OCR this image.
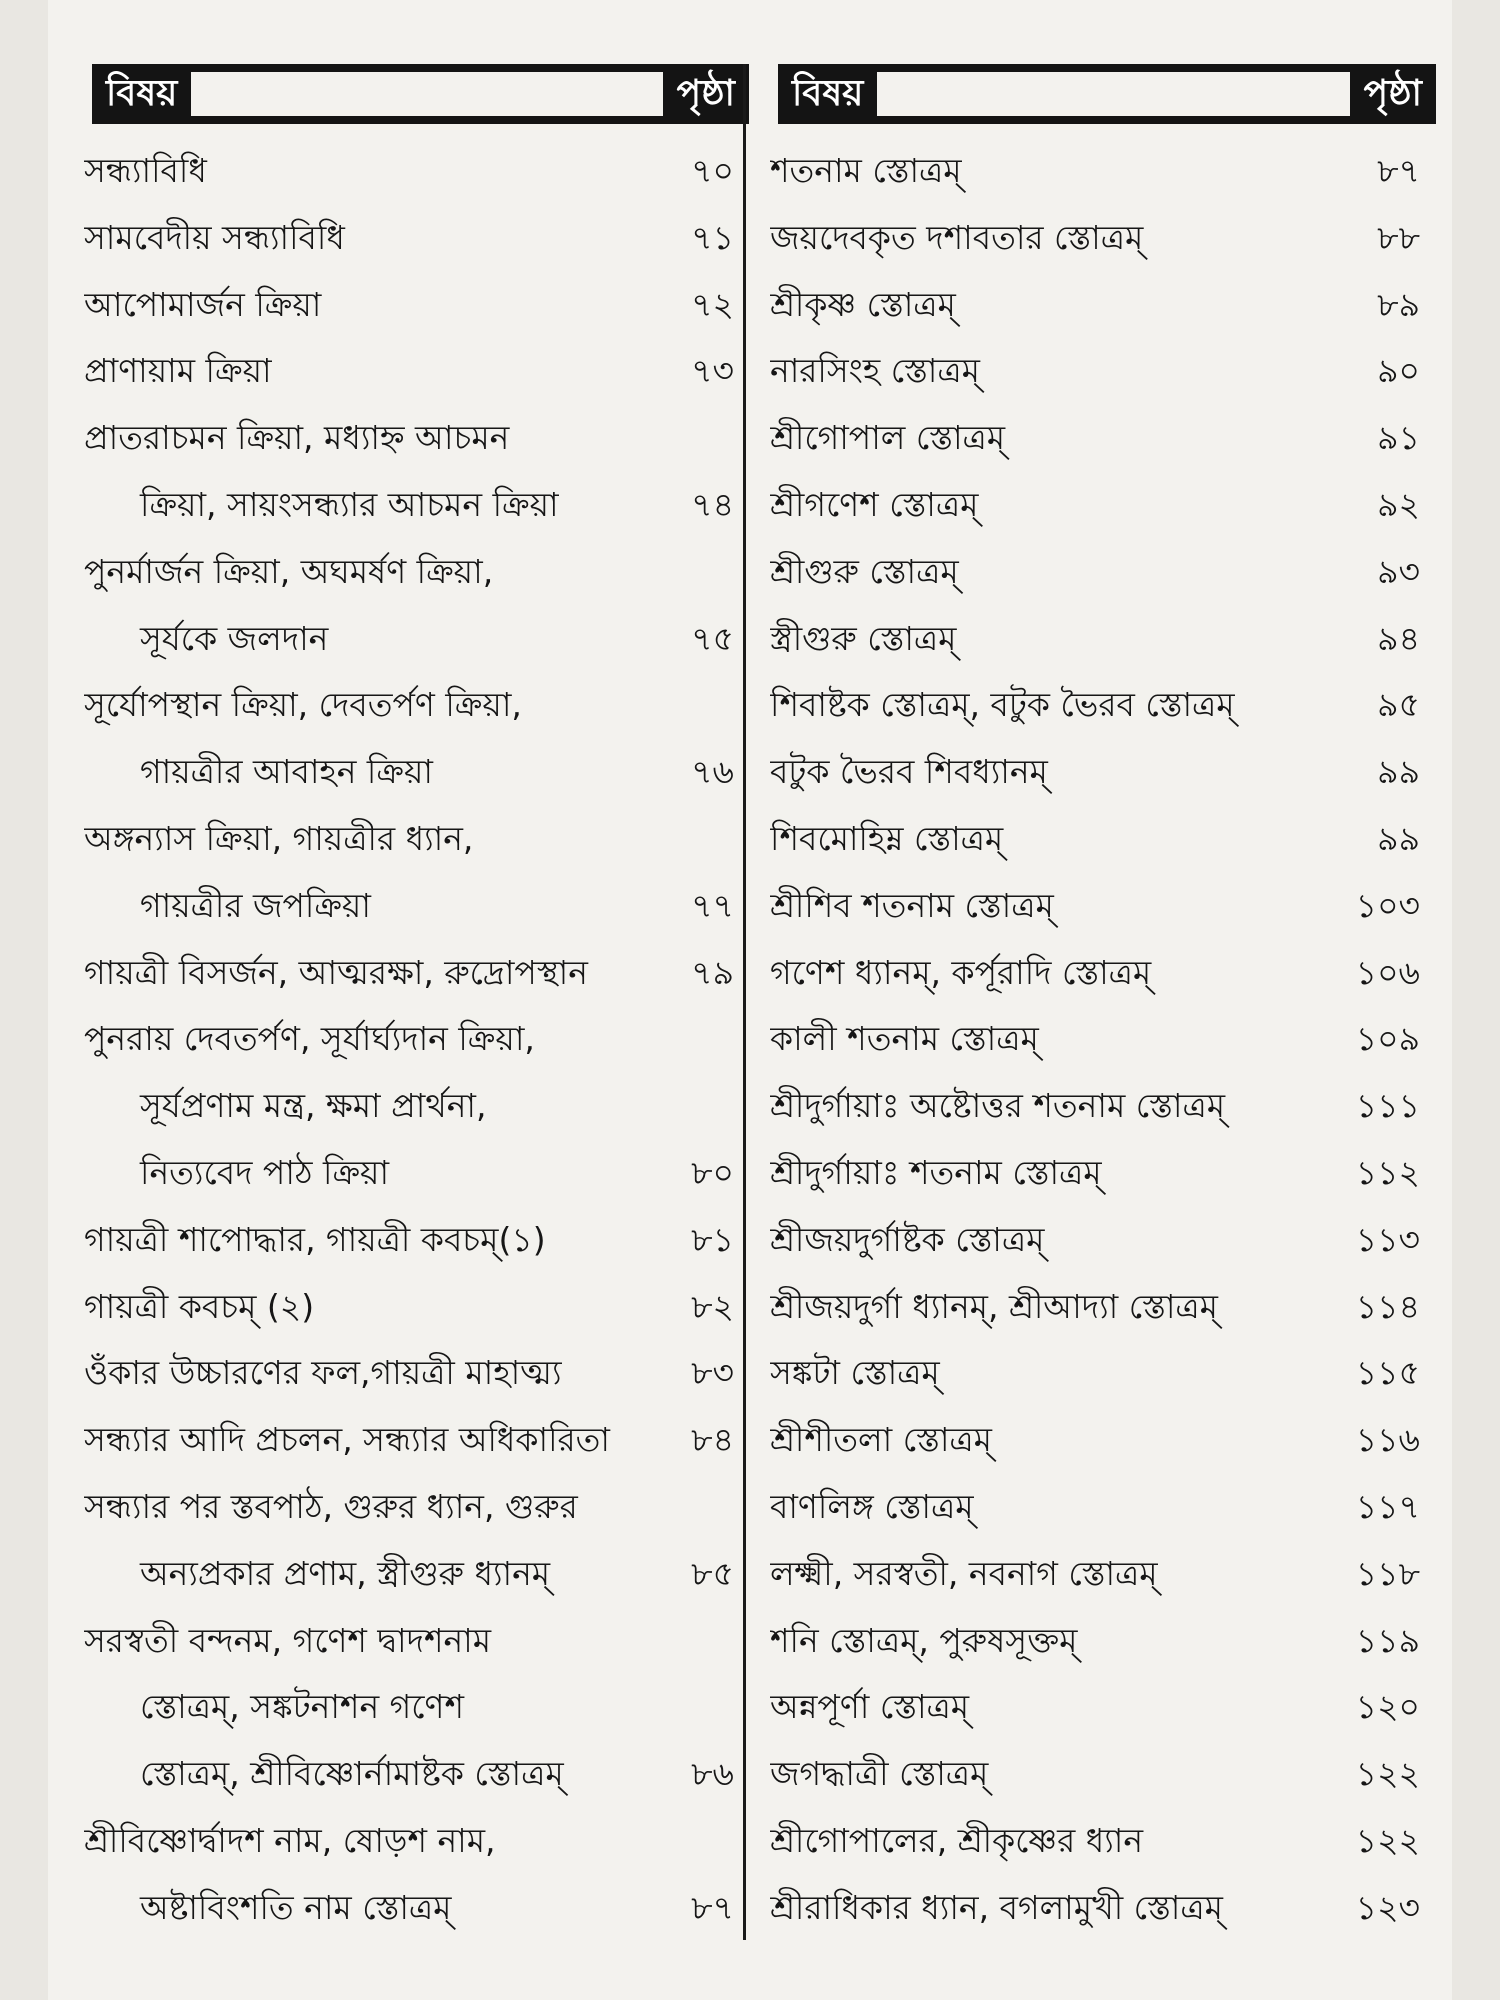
বিষয়	পৃষ্ঠা	বিষয়	পৃষ্ঠা
সন্ধ্যাবিধি	৭০
সামবেদীয় সন্ধ্যাবিধি	৭১
আপোমার্জন ক্রিয়া	৭২
প্রাণায়াম ক্রিয়া	৭৩
প্রাতরাচমন ক্রিয়া, মধ্যাহ্ন আচমন
ক্রিয়া, সায়ংসন্ধ্যার আচমন ক্রিয়া	৭৪
পুনর্মার্জন ক্রিয়া, অঘমর্ষণ ক্রিয়া,
সূর্যকে জলদান	৭৫
সূর্যোপস্থান ক্রিয়া, দেবতর্পণ ক্রিয়া,
গায়ত্রীর আবাহন ক্রিয়া	৭৬
অঙ্গন্যাস ক্রিয়া, গায়ত্রীর ধ্যান,
গায়ত্রীর জপক্রিয়া	৭৭
গায়ত্রী বিসর্জন, আত্মরক্ষা, রুদ্রোপস্থান	৭৯
পুনরায় দেবতর্পণ, সূর্যার্ঘ্যদান ক্রিয়া,
সূর্যপ্রণাম মন্ত্র, ক্ষমা প্রার্থনা,
নিত্যবেদ পাঠ ক্রিয়া	৮০
গায়ত্রী শাপোদ্ধার, গায়ত্রী কবচম্(১)	৮১
গায়ত্রী কবচম্ (২)	৮২
ওঁকার উচ্চারণের ফল,গায়ত্রী মাহাত্ম্য	৮৩
সন্ধ্যার আদি প্রচলন, সন্ধ্যার অধিকারিতা	৮৪
সন্ধ্যার পর স্তবপাঠ, গুরুর ধ্যান, গুরুর
অন্যপ্রকার প্রণাম, স্ত্রীগুরু ধ্যানম্	৮৫
সরস্বতী বন্দনম, গণেশ দ্বাদশনাম
স্তোত্রম্, সঙ্কটনাশন গণেশ
স্তোত্রম্, শ্রীবিষ্ণোর্নামাষ্টক স্তোত্রম্	৮৬
শ্রীবিষ্ণোর্দ্বাদশ নাম, ষোড়শ নাম,
অষ্টাবিংশতি নাম স্তোত্রম্	৮৭
শতনাম স্তোত্রম্	৮৭
জয়দেবকৃত দশাবতার স্তোত্রম্	৮৮
শ্রীকৃষ্ণ স্তোত্রম্	৮৯
নারসিংহ স্তোত্রম্	৯০
শ্রীগোপাল স্তোত্রম্	৯১
শ্রীগণেশ স্তোত্রম্	৯২
শ্রীগুরু স্তোত্রম্	৯৩
স্ত্রীগুরু স্তোত্রম্	৯৪
শিবাষ্টক স্তোত্রম্, বটুক ভৈরব স্তোত্রম্	৯৫
বটুক ভৈরব শিবধ্যানম্	৯৯
শিবমোহিম্ন স্তোত্রম্	৯৯
শ্রীশিব শতনাম স্তোত্রম্	১০৩
গণেশ ধ্যানম্, কর্পূরাদি স্তোত্রম্	১০৬
কালী শতনাম স্তোত্রম্	১০৯
শ্রীদুর্গায়াঃ অষ্টোত্তর শতনাম স্তোত্রম্	১১১
শ্রীদুর্গায়াঃ শতনাম স্তোত্রম্	১১২
শ্রীজয়দুর্গাষ্টক স্তোত্রম্	১১৩
শ্রীজয়দুর্গা ধ্যানম্, শ্রীআদ্যা স্তোত্রম্	১১৪
সঙ্কটা স্তোত্রম্	১১৫
শ্রীশীতলা স্তোত্রম্	১১৬
বাণলিঙ্গ স্তোত্রম্	১১৭
লক্ষ্মী, সরস্বতী, নবনাগ স্তোত্রম্	১১৮
শনি স্তোত্রম্, পুরুষসূক্তম্	১১৯
অন্নপূর্ণা স্তোত্রম্	১২০
জগদ্ধাত্রী স্তোত্রম্	১২২
শ্রীগোপালের, শ্রীকৃষ্ণের ধ্যান	১২২
শ্রীরাধিকার ধ্যান, বগলামুখী স্তোত্রম্	১২৩
